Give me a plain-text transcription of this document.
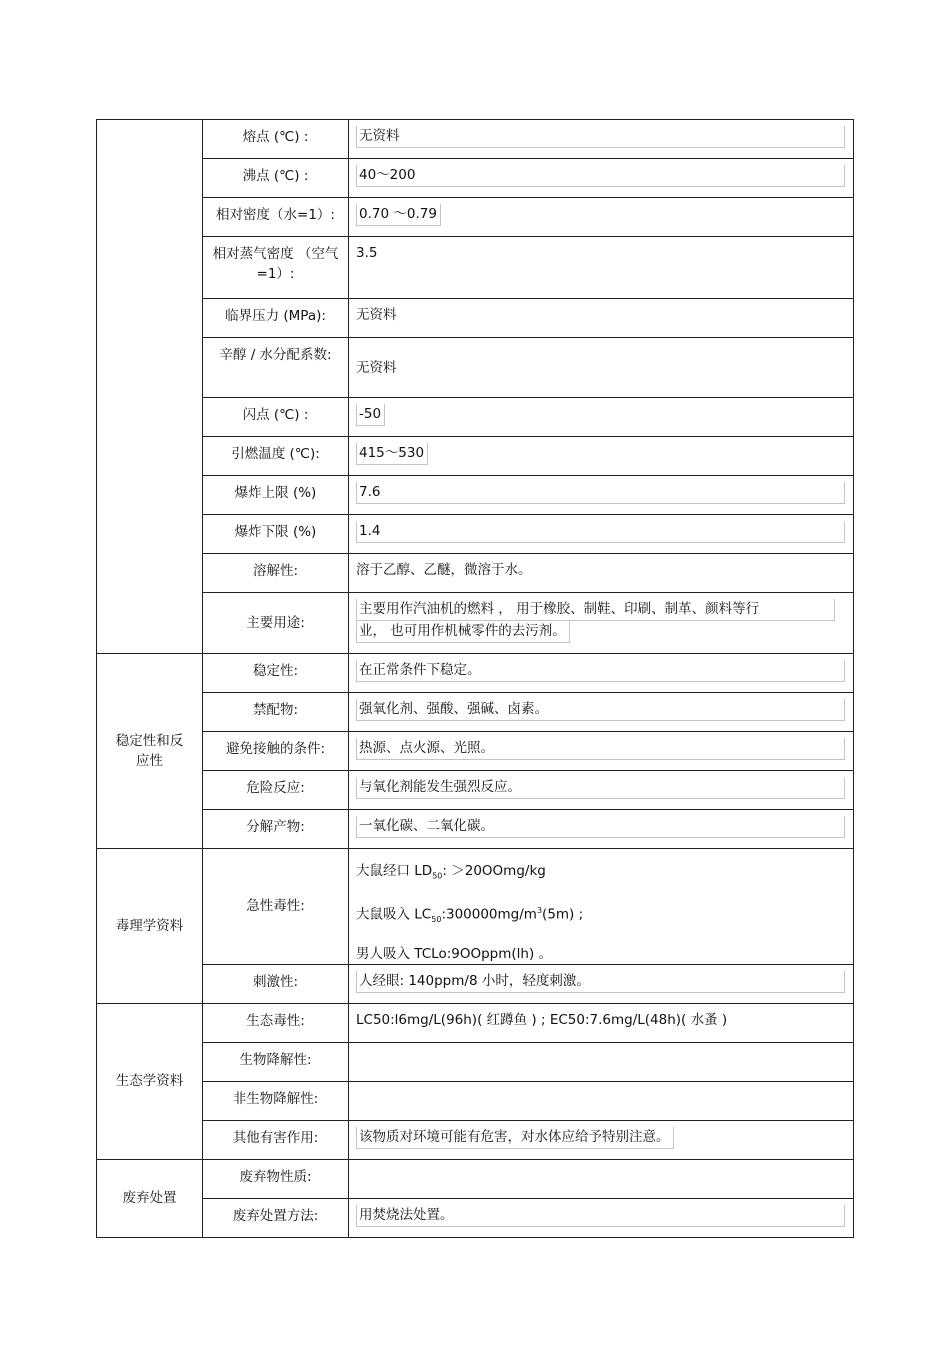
	熔点 (℃) :	无资料

	沸点 (℃) :	40～200

	相对密度（水=1）:	0.70 ～0.79
	相对蒸气密度 （空气=1）:	3.5
	临界压力 (MPa):	无资料
	辛醇 / 水分配系数:	无资料
	闪点 (℃) :	-50
	引燃温度 (℃):	415～530
	爆炸上限 (%)	7.6

	爆炸下限 (%)	1.4

	溶解性:	溶于乙醇、乙醚，微溶于水。
	主要用途:	主要用作汽油机的燃料 ， 用于橡胶、制鞋、印刷、制革、颜料等行
业， 也可用作机械零件的去污剂。
稳定性和反应性	稳定性:	在正常条件下稳定。

	禁配物:	强氧化剂、强酸、强碱、卤素。

	避免接触的条件:	热源、点火源、光照。

	危险反应:	与氧化剂能发生强烈反应。

	分解产物:	一氧化碳、二氧化碳。

毒理学资料	急性毒性:	大鼠经口 $LD_{50}$: ＞20OOmg/kg
大鼠吸入 $LC_{50}:300000mg/m^3(5m)$ ;
男人吸入 TCLo:9OOppm(lh) 。

	刺激性:	人经眼: 140ppm/8 小时，轻度刺激。

生态学资料	生态毒性:	LC50:l6mg/L(96h)( 红蹲鱼 ) ; EC50:7.6mg/L(48h)( 水蚤 )
	生物降解性:	
	非生物降解性:	
	其他有害作用:	该物质对环境可能有危害，对水体应给予特别注意。
废弃处置	废弃物性质:	
	废弃处置方法:	用焚烧法处置。
